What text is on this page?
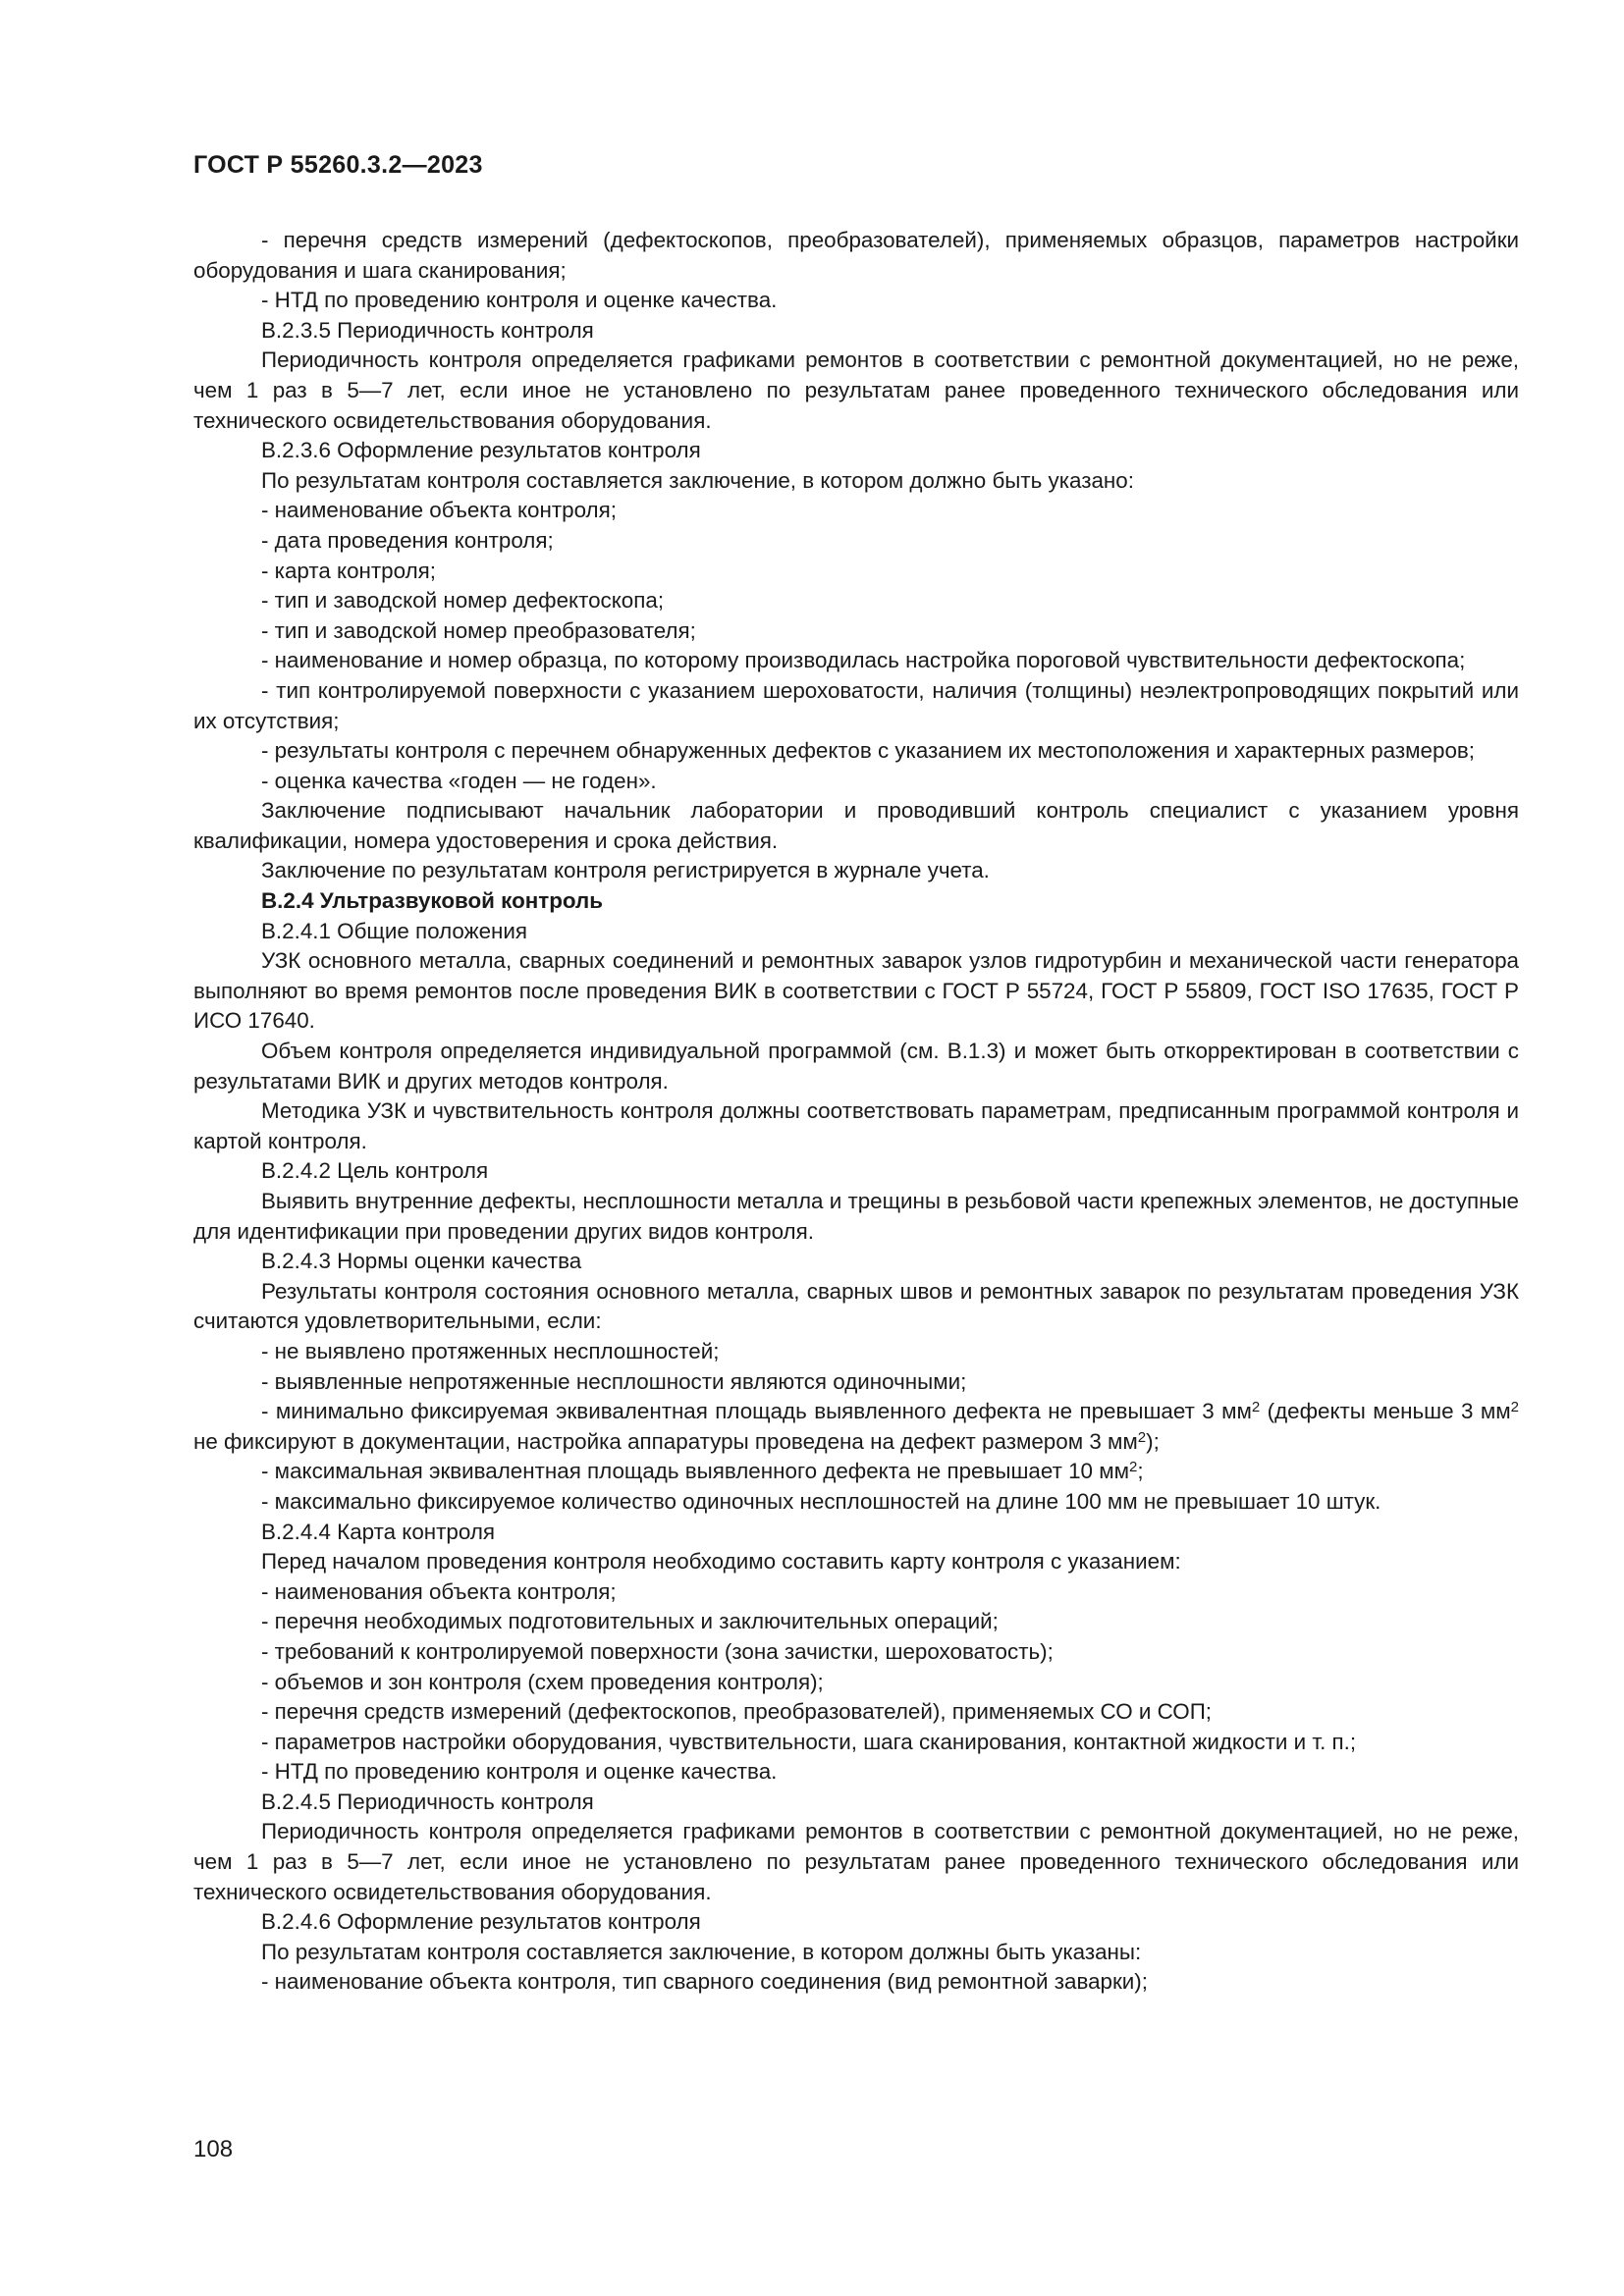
ГОСТ Р 55260.3.2—2023

- перечня средств измерений (дефектоскопов, преобразователей), применяемых образцов, параметров настройки оборудования и шага сканирования;

- НТД по проведению контроля и оценке качества.

В.2.3.5 Периодичность контроля

Периодичность контроля определяется графиками ремонтов в соответствии с ремонтной документацией, но не реже, чем 1 раз в 5—7 лет, если иное не установлено по результатам ранее проведенного технического обследования или технического освидетельствования оборудования.

В.2.3.6 Оформление результатов контроля

По результатам контроля составляется заключение, в котором должно быть указано:

- наименование объекта контроля;

- дата проведения контроля;

- карта контроля;

- тип и заводской номер дефектоскопа;

- тип и заводской номер преобразователя;

- наименование и номер образца, по которому производилась настройка пороговой чувствительности дефектоскопа;

- тип контролируемой поверхности с указанием шероховатости, наличия (толщины) неэлектропроводящих покрытий или их отсутствия;

- результаты контроля с перечнем обнаруженных дефектов с указанием их местоположения и характерных размеров;

- оценка качества «годен — не годен».

Заключение подписывают начальник лаборатории и проводивший контроль специалист с указанием уровня квалификации, номера удостоверения и срока действия.

Заключение по результатам контроля регистрируется в журнале учета.

В.2.4 Ультразвуковой контроль

В.2.4.1 Общие положения

УЗК основного металла, сварных соединений и ремонтных заварок узлов гидротурбин и механической части генератора выполняют во время ремонтов после проведения ВИК в соответствии с ГОСТ Р 55724, ГОСТ Р 55809, ГОСТ ISO 17635, ГОСТ Р ИСО 17640.

Объем контроля определяется индивидуальной программой (см. В.1.3) и может быть откорректирован в соответствии с результатами ВИК и других методов контроля.

Методика УЗК и чувствительность контроля должны соответствовать параметрам, предписанным программой контроля и картой контроля.

В.2.4.2 Цель контроля

Выявить внутренние дефекты, несплошности металла и трещины в резьбовой части крепежных элементов, не доступные для идентификации при проведении других видов контроля.

В.2.4.3 Нормы оценки качества

Результаты контроля состояния основного металла, сварных швов и ремонтных заварок по результатам проведения УЗК считаются удовлетворительными, если:

- не выявлено протяженных несплошностей;

- выявленные непротяженные несплошности являются одиночными;

- минимально фиксируемая эквивалентная площадь выявленного дефекта не превышает 3 $мм^2$ (дефекты меньше 3 $мм^2$ не фиксируют в документации, настройка аппаратуры проведена на дефект размером 3 $мм^2$);

- максимальная эквивалентная площадь выявленного дефекта не превышает 10 $мм^2$;

- максимально фиксируемое количество одиночных несплошностей на длине 100 мм не превышает 10 штук.

В.2.4.4 Карта контроля

Перед началом проведения контроля необходимо составить карту контроля с указанием:

- наименования объекта контроля;

- перечня необходимых подготовительных и заключительных операций;

- требований к контролируемой поверхности (зона зачистки, шероховатость);

- объемов и зон контроля (схем проведения контроля);

- перечня средств измерений (дефектоскопов, преобразователей), применяемых СО и СОП;

- параметров настройки оборудования, чувствительности, шага сканирования, контактной жидкости и т. п.;

- НТД по проведению контроля и оценке качества.

В.2.4.5 Периодичность контроля

Периодичность контроля определяется графиками ремонтов в соответствии с ремонтной документацией, но не реже, чем 1 раз в 5—7 лет, если иное не установлено по результатам ранее проведенного технического обследования или технического освидетельствования оборудования.

В.2.4.6 Оформление результатов контроля

По результатам контроля составляется заключение, в котором должны быть указаны:

- наименование объекта контроля, тип сварного соединения (вид ремонтной заварки);

108
